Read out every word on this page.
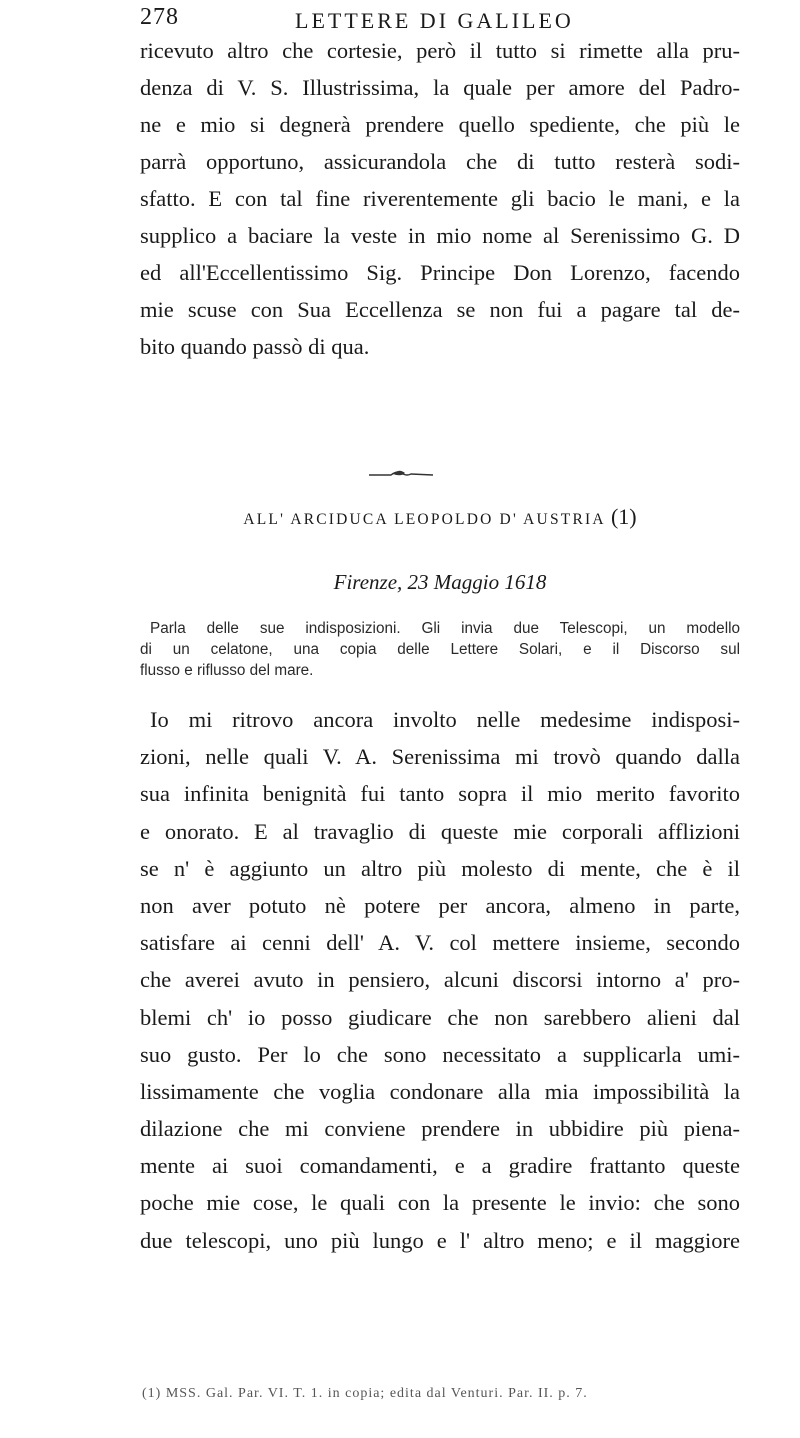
278	LETTERE DI GALILEO
ricevuto altro che cortesie, però il tutto si rimette alla pru-
denza di V. S. Illustrissima, la quale per amore del Padro-
ne e mio si degnerà prendere quello spediente, che più le
parrà opportuno, assicurandola che di tutto resterà sodi-
sfatto. E con tal fine riverentemente gli bacio le mani, e la
supplico a baciare la veste in mio nome al Serenissimo G. D
ed all'Eccellentissimo Sig. Principe Don Lorenzo, facendo
mie scuse con Sua Eccellenza se non fui a pagare tal de-
bito quando passò di qua.
ALL' ARCIDUCA LEOPOLDO D' AUSTRIA (1)
Firenze, 23 Maggio 1618
Parla delle sue indisposizioni. Gli invia due Telescopi, un modello
di un celatone, una copia delle Lettere Solari, e il Discorso sul
flusso e riflusso del mare.
Io mi ritrovo ancora involto nelle medesime indisposi-
zioni, nelle quali V. A. Serenissima mi trovò quando dalla
sua infinita benignità fui tanto sopra il mio merito favorito
e onorato. E al travaglio di queste mie corporali afflizioni
se n' è aggiunto un altro più molesto di mente, che è il
non aver potuto nè potere per ancora, almeno in parte,
satisfare ai cenni dell' A. V. col mettere insieme, secondo
che averei avuto in pensiero, alcuni discorsi intorno a' pro-
blemi ch' io posso giudicare che non sarebbero alieni dal
suo gusto. Per lo che sono necessitato a supplicarla umi-
lissimamente che voglia condonare alla mia impossibilità la
dilazione che mi conviene prendere in ubbidire più piena-
mente ai suoi comandamenti, e a gradire frattanto queste
poche mie cose, le quali con la presente le invio: che sono
due telescopi, uno più lungo e l' altro meno; e il maggiore
(1) MSS. Gal. Par. VI. T. 1. in copia; edita dal Venturi. Par. II. p. 7.
